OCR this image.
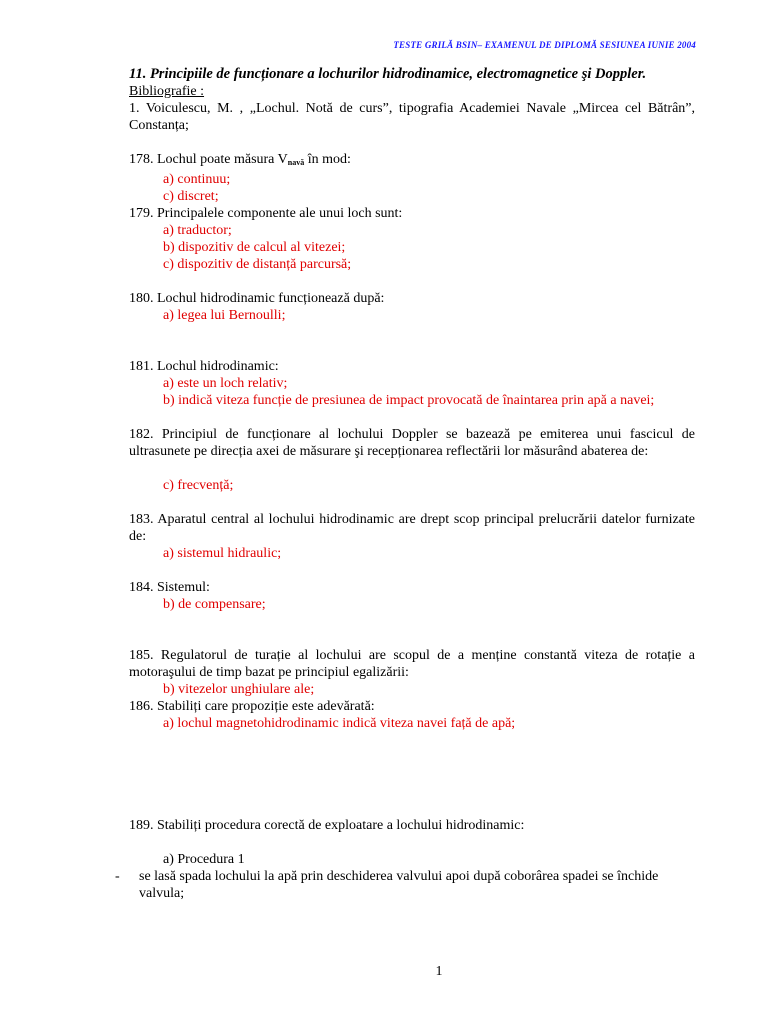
TESTE GRILĂ BSIN– EXAMENUL DE DIPLOMĂ SESIUNEA IUNIE 2004

11. Principiile de funcționare a lochurilor hidrodinamice, electromagnetice şi Doppler.

Bibliografie :
1. Voiculescu, M. , „Lochul. Notă de curs”, tipografia Academiei Navale „Mircea cel Bătrân”, Constanța;
178. Lochul poate măsura $V_{navă}$ în mod:
a) continuu;
c) discret;
179. Principalele componente ale unui loch sunt:
a) traductor;
b) dispozitiv de calcul al vitezei;
c) dispozitiv de distanță parcursă;
180. Lochul hidrodinamic funcționează după:
a) legea lui Bernoulli;
181. Lochul hidrodinamic:
a) este un loch relativ;
b) indică viteza funcție de presiunea de impact provocată de înaintarea prin apă a navei;
182. Principiul de funcționare al lochului Doppler se bazează pe emiterea unui fascicul de ultrasunete pe direcția axei de măsurare şi recepționarea reflectării lor măsurând abaterea de:
c) frecvență;
183. Aparatul central al lochului hidrodinamic are drept scop principal prelucrării datelor furnizate de:
a) sistemul hidraulic;
184. Sistemul:
b) de compensare;
185. Regulatorul de turație al lochului are scopul de a menține constantă viteza de rotație a motoraşului de timp bazat pe principiul egalizării:
b) vitezelor unghiulare ale;
186. Stabiliți care propoziție este adevărată:
a) lochul magnetohidrodinamic indică viteza navei față de apă;
189. Stabiliți procedura corectă de exploatare a lochului hidrodinamic:
a) Procedura 1
- se lasă spada lochului la apă prin deschiderea valvului apoi după coborârea spadei se închide valvula;
1
